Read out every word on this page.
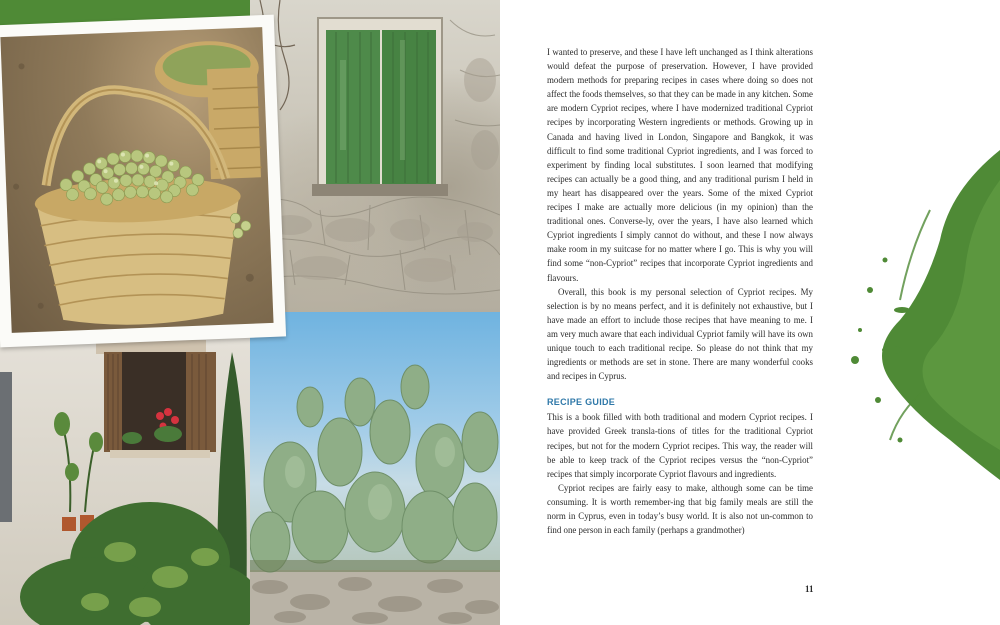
I wanted to preserve, and these I have left unchanged as I think alterations would defeat the purpose of preservation. However, I have provided modern methods for preparing recipes in cases where doing so does not affect the foods themselves, so that they can be made in any kitchen. Some are modern Cypriot recipes, where I have modernized traditional Cypriot recipes by incorporating Western ingredients or methods. Growing up in Canada and having lived in London, Singapore and Bangkok, it was difficult to find some traditional Cypriot ingredients, and I was forced to experiment by finding local substitutes. I soon learned that modifying recipes can actually be a good thing, and any traditional purism I held in my heart has disappeared over the years. Some of the mixed Cypriot recipes I make are actually more delicious (in my opinion) than the traditional ones. Converse-ly, over the years, I have also learned which Cypriot ingredients I simply cannot do without, and these I now always make room in my suitcase for no matter where I go. This is why you will find some “non-Cypriot” recipes that incorporate Cypriot ingredients and flavours.

Overall, this book is my personal selection of Cypriot recipes. My selection is by no means perfect, and it is definitely not exhaustive, but I have made an effort to include those recipes that have meaning to me. I am very much aware that each individual Cypriot family will have its own unique touch to each traditional recipe. So please do not think that my ingredients or methods are set in stone. There are many wonderful cooks and recipes in Cyprus.

RECIPE GUIDE

This is a book filled with both traditional and modern Cypriot recipes. I have provided Greek transla-tions of titles for the traditional Cypriot recipes, but not for the modern Cypriot recipes. This way, the reader will be able to keep track of the Cypriot recipes versus the “non-Cypriot” recipes that simply incorporate Cypriot flavours and ingredients.

Cypriot recipes are fairly easy to make, although some can be time consuming. It is worth remember-ing that big family meals are still the norm in Cyprus, even in today’s busy world. It is also not un-common to find one person in each family (perhaps a grandmother)

11
